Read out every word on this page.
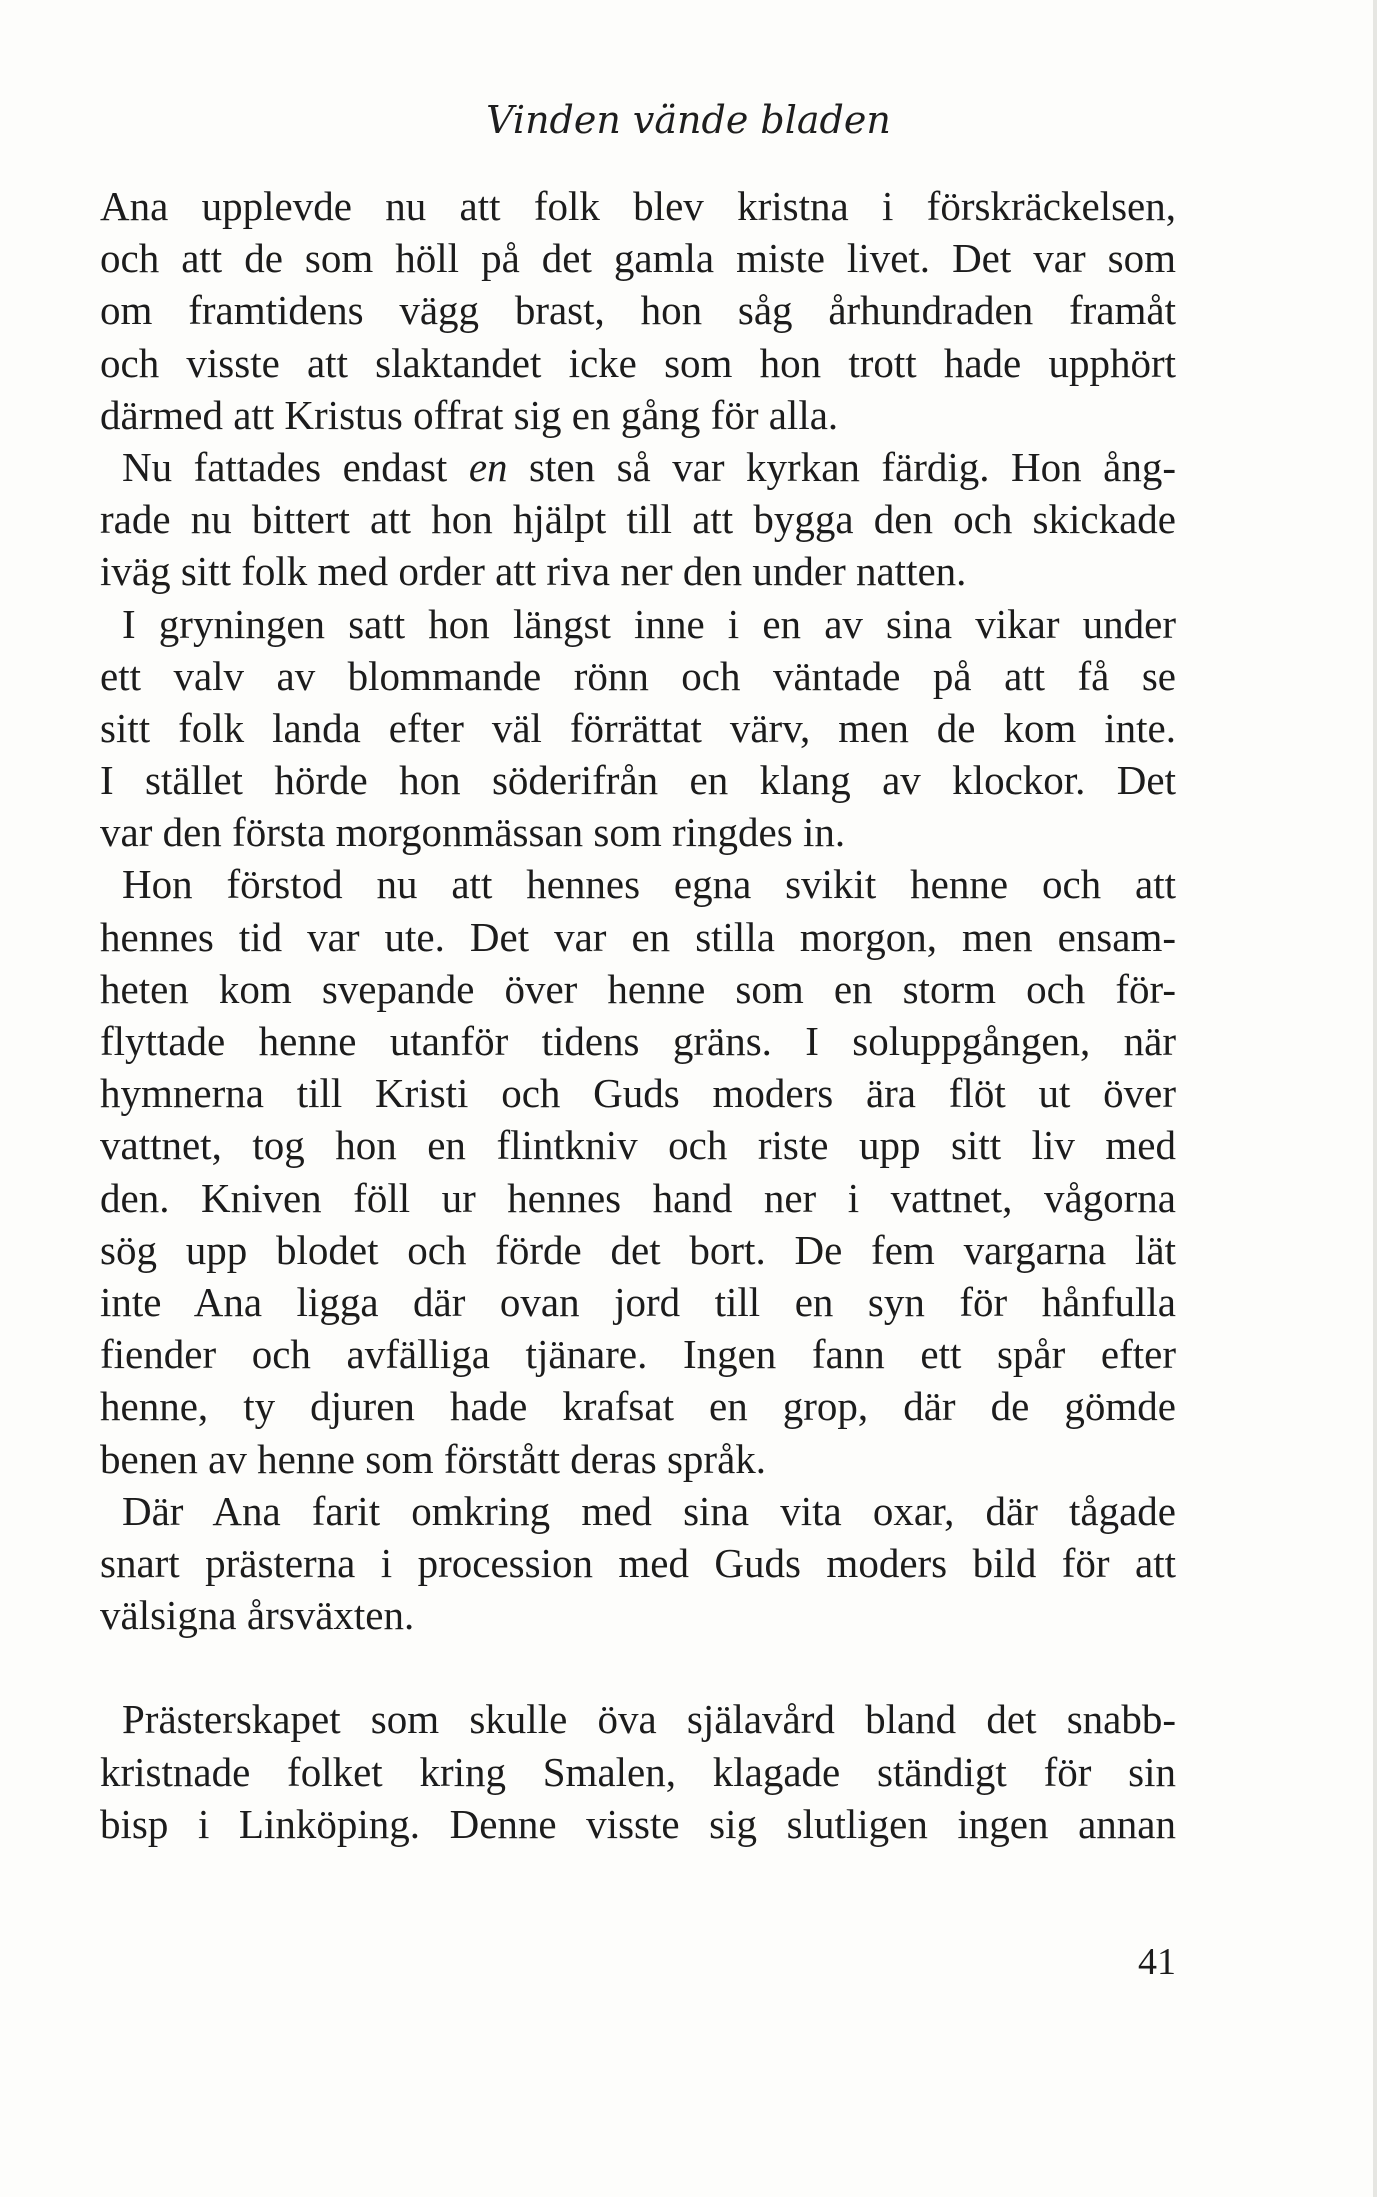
Vinden vände bladen
Ana upplevde nu att folk blev kristna i förskräckelsen,
och att de som höll på det gamla miste livet. Det var som
om framtidens vägg brast, hon såg århundraden framåt
och visste att slaktandet icke som hon trott hade upphört
därmed att Kristus offrat sig en gång för alla.
Nu fattades endast en sten så var kyrkan färdig. Hon ång-
rade nu bittert att hon hjälpt till att bygga den och skickade
iväg sitt folk med order att riva ner den under natten.
I gryningen satt hon längst inne i en av sina vikar under
ett valv av blommande rönn och väntade på att få se
sitt folk landa efter väl förrättat värv, men de kom inte.
I stället hörde hon söderifrån en klang av klockor. Det
var den första morgonmässan som ringdes in.
Hon förstod nu att hennes egna svikit henne och att
hennes tid var ute. Det var en stilla morgon, men ensam-
heten kom svepande över henne som en storm och för-
flyttade henne utanför tidens gräns. I soluppgången, när
hymnerna till Kristi och Guds moders ära flöt ut över
vattnet, tog hon en flintkniv och riste upp sitt liv med
den. Kniven föll ur hennes hand ner i vattnet, vågorna
sög upp blodet och förde det bort. De fem vargarna lät
inte Ana ligga där ovan jord till en syn för hånfulla
fiender och avfälliga tjänare. Ingen fann ett spår efter
henne, ty djuren hade krafsat en grop, där de gömde
benen av henne som förstått deras språk.
Där Ana farit omkring med sina vita oxar, där tågade
snart prästerna i procession med Guds moders bild för att
välsigna årsväxten.
Prästerskapet som skulle öva själavård bland det snabb-
kristnade folket kring Smalen, klagade ständigt för sin
bisp i Linköping. Denne visste sig slutligen ingen annan
41
